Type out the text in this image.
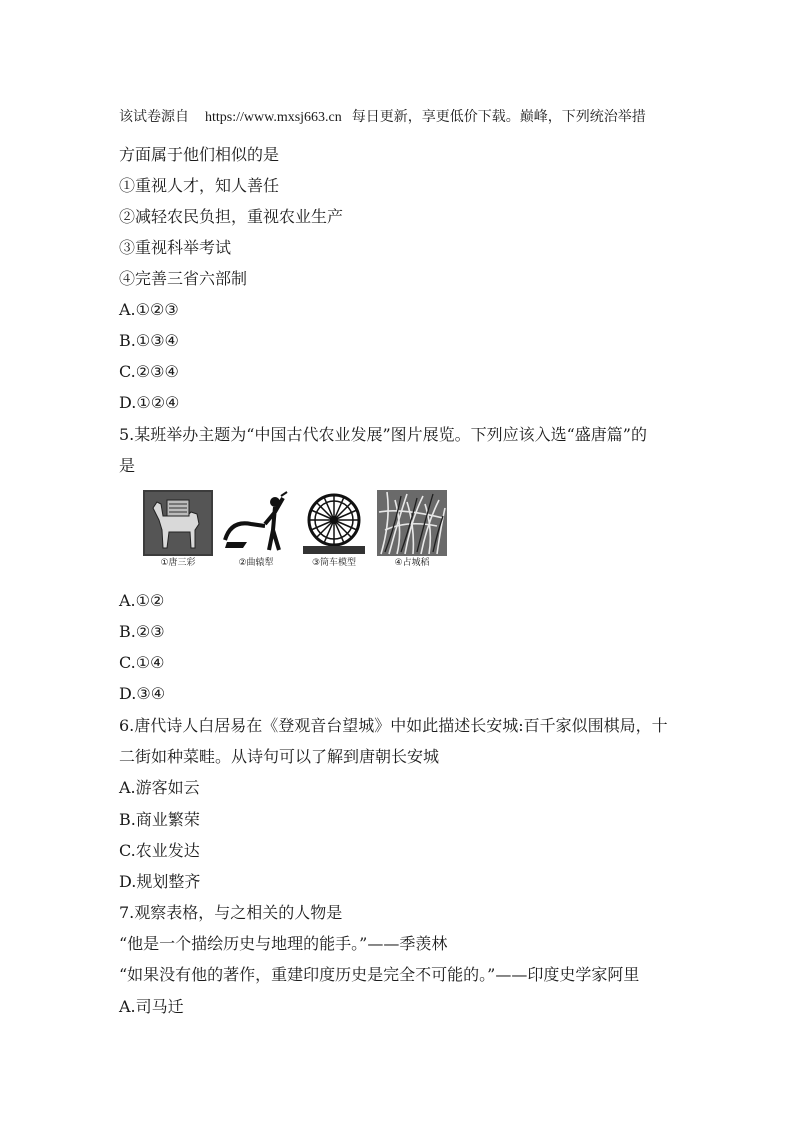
该试卷源自 https://www.mxsj663.cn 每日更新，享更低价下载。巅峰，下列统治举措
方面属于他们相似的是
①重视人才，知人善任
②减轻农民负担，重视农业生产
③重视科举考试
④完善三省六部制
A.①②③
B.①③④
C.②③④
D.①②④
5.某班举办主题为“中国古代农业发展”图片展览。下列应该入选“盛唐篇”的
是
①唐三彩	②曲辕犁	③筒车模型	④占城稻
A.①②
B.②③
C.①④
D.③④
6.唐代诗人白居易在《登观音台望城》中如此描述长安城:百千家似围棋局，十
二街如种菜畦。从诗句可以了解到唐朝长安城
A.游客如云
B.商业繁荣
C.农业发达
D.规划整齐
7.观察表格，与之相关的人物是
“他是一个描绘历史与地理的能手。”——季羡林
“如果没有他的著作，重建印度历史是完全不可能的。”——印度史学家阿里
A.司马迁
